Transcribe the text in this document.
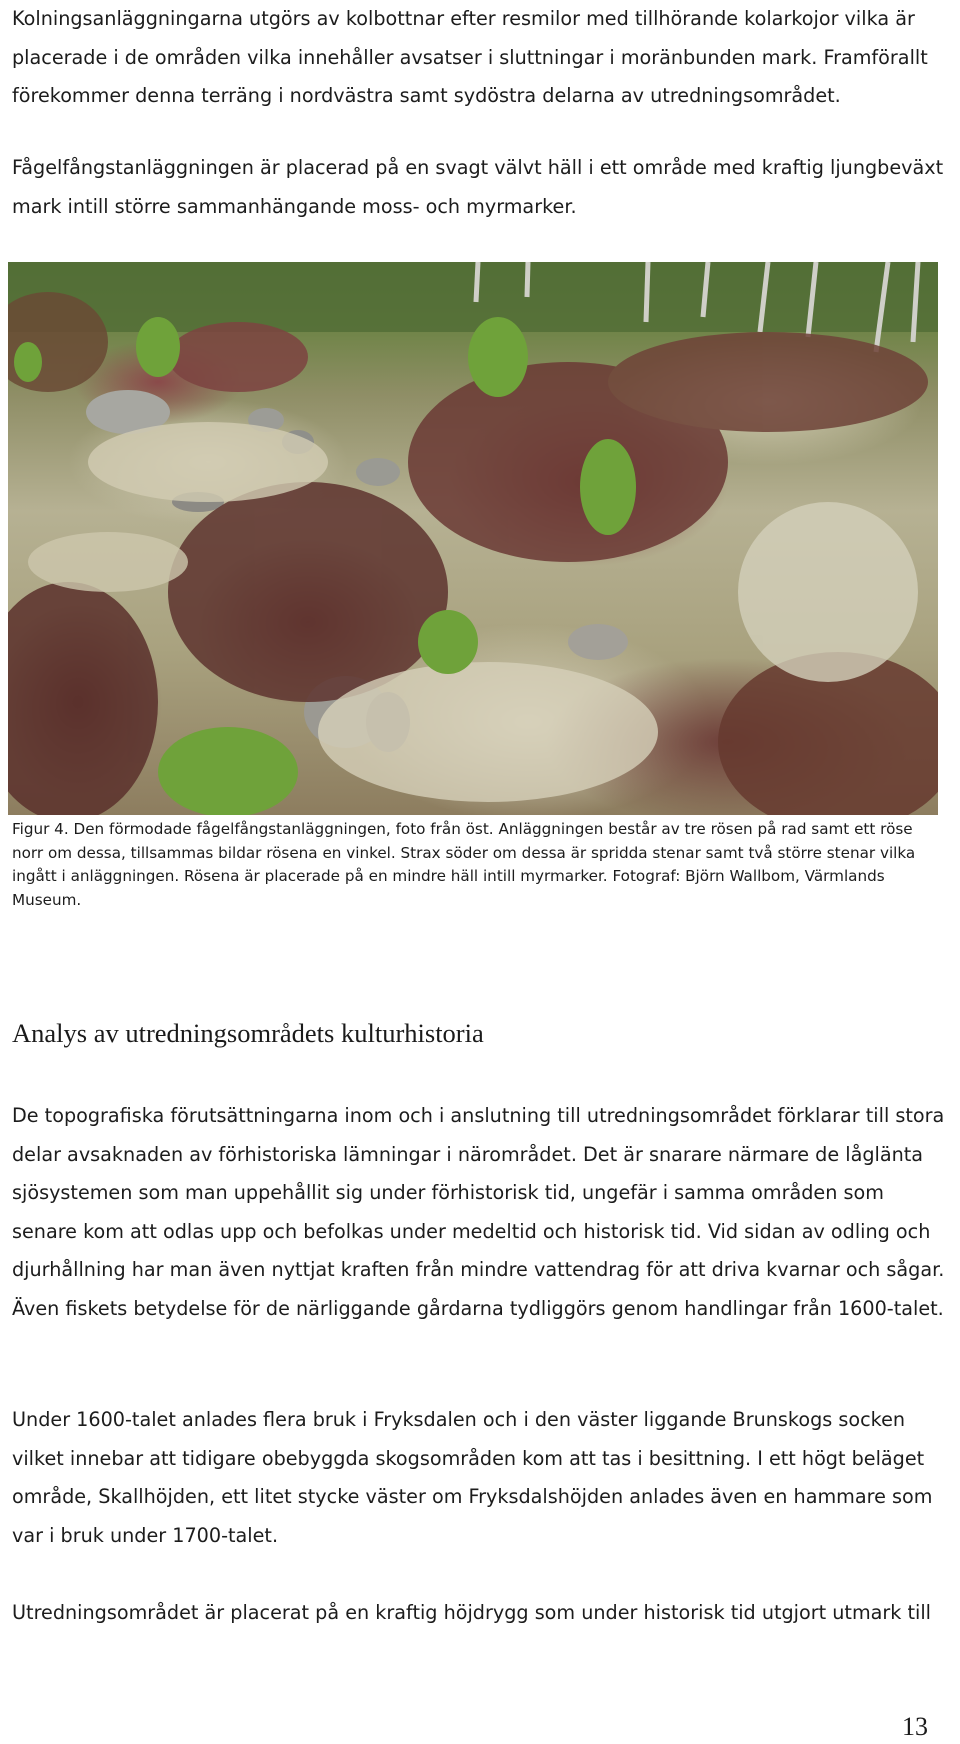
Kolningsanläggningarna utgörs av kolbottnar efter resmilor med tillhörande kolarkojor vilka är placerade i de områden vilka innehåller avsatser i sluttningar i moränbunden mark. Framförallt förekommer denna terräng i nordvästra samt sydöstra delarna av utredningsområdet.

Fågelfångstanläggningen är placerad på en svagt välvt häll i ett område med kraftig ljungbeväxt mark intill större sammanhängande moss- och myrmarker.

Figur 4. Den förmodade fågelfångstanläggningen, foto från öst. Anläggningen består av tre rösen på rad samt ett röse norr om dessa, tillsammas bildar rösena en vinkel. Strax söder om dessa är spridda stenar samt två större stenar vilka ingått i anläggningen. Rösena är placerade på en mindre häll intill myrmarker. Fotograf: Björn Wallbom, Värmlands Museum.

Analys av utredningsområdets kulturhistoria

De topografiska förutsättningarna inom och i anslutning till utredningsområdet förklarar till stora delar avsaknaden av förhistoriska lämningar i närområdet. Det är snarare närmare de låglänta sjösystemen som man uppehållit sig under förhistorisk tid, ungefär i samma områden som senare kom att odlas upp och befolkas under medeltid och historisk tid. Vid sidan av odling och djurhållning har man även nyttjat kraften från mindre vattendrag för att driva kvarnar och sågar. Även fiskets betydelse för de närliggande gårdarna tydliggörs genom handlingar från 1600-talet.

Under 1600-talet anlades flera bruk i Fryksdalen och i den väster liggande Brunskogs socken vilket innebar att tidigare obebyggda skogsområden kom att tas i besittning. I ett högt beläget område, Skallhöjden, ett litet stycke väster om Fryksdalshöjden anlades även en hammare som var i bruk under 1700-talet.

Utredningsområdet är placerat på en kraftig höjdrygg som under historisk tid utgjort utmark till

13
